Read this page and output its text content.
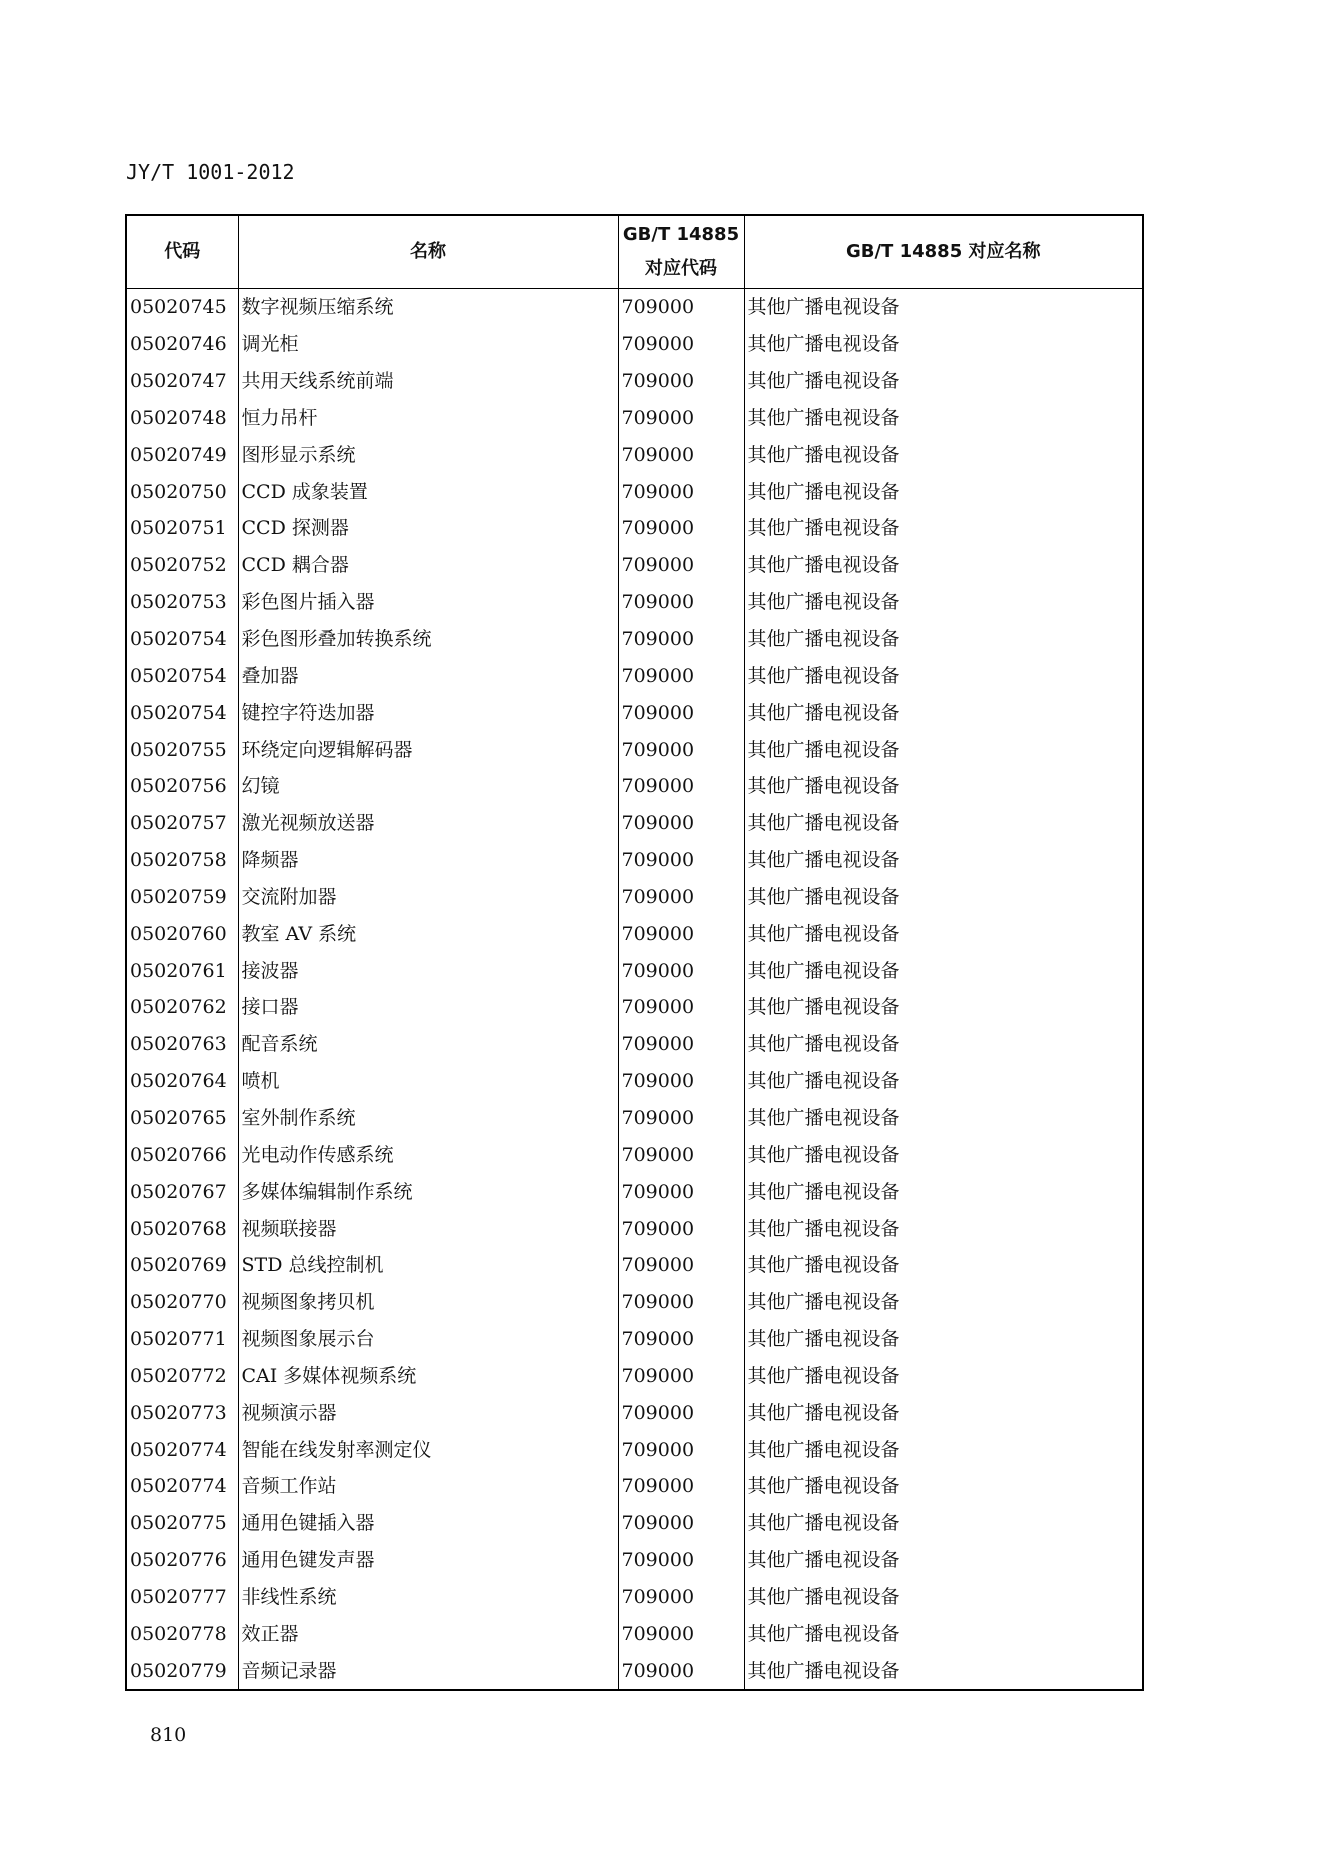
JY/T 1001-2012
代码	名称	GB/T 14885
对应代码	GB/T 14885 对应名称
05020745	数字视频压缩系统	709000	其他广播电视设备
05020746	调光柜	709000	其他广播电视设备
05020747	共用天线系统前端	709000	其他广播电视设备
05020748	恒力吊杆	709000	其他广播电视设备
05020749	图形显示系统	709000	其他广播电视设备
05020750	CCD 成象装置	709000	其他广播电视设备
05020751	CCD 探测器	709000	其他广播电视设备
05020752	CCD 耦合器	709000	其他广播电视设备
05020753	彩色图片插入器	709000	其他广播电视设备
05020754	彩色图形叠加转换系统	709000	其他广播电视设备
05020754	叠加器	709000	其他广播电视设备
05020754	键控字符迭加器	709000	其他广播电视设备
05020755	环绕定向逻辑解码器	709000	其他广播电视设备
05020756	幻镜	709000	其他广播电视设备
05020757	激光视频放送器	709000	其他广播电视设备
05020758	降频器	709000	其他广播电视设备
05020759	交流附加器	709000	其他广播电视设备
05020760	教室 AV 系统	709000	其他广播电视设备
05020761	接波器	709000	其他广播电视设备
05020762	接口器	709000	其他广播电视设备
05020763	配音系统	709000	其他广播电视设备
05020764	喷机	709000	其他广播电视设备
05020765	室外制作系统	709000	其他广播电视设备
05020766	光电动作传感系统	709000	其他广播电视设备
05020767	多媒体编辑制作系统	709000	其他广播电视设备
05020768	视频联接器	709000	其他广播电视设备
05020769	STD 总线控制机	709000	其他广播电视设备
05020770	视频图象拷贝机	709000	其他广播电视设备
05020771	视频图象展示台	709000	其他广播电视设备
05020772	CAI 多媒体视频系统	709000	其他广播电视设备
05020773	视频演示器	709000	其他广播电视设备
05020774	智能在线发射率测定仪	709000	其他广播电视设备
05020774	音频工作站	709000	其他广播电视设备
05020775	通用色键插入器	709000	其他广播电视设备
05020776	通用色键发声器	709000	其他广播电视设备
05020777	非线性系统	709000	其他广播电视设备
05020778	效正器	709000	其他广播电视设备
05020779	音频记录器	709000	其他广播电视设备
810
